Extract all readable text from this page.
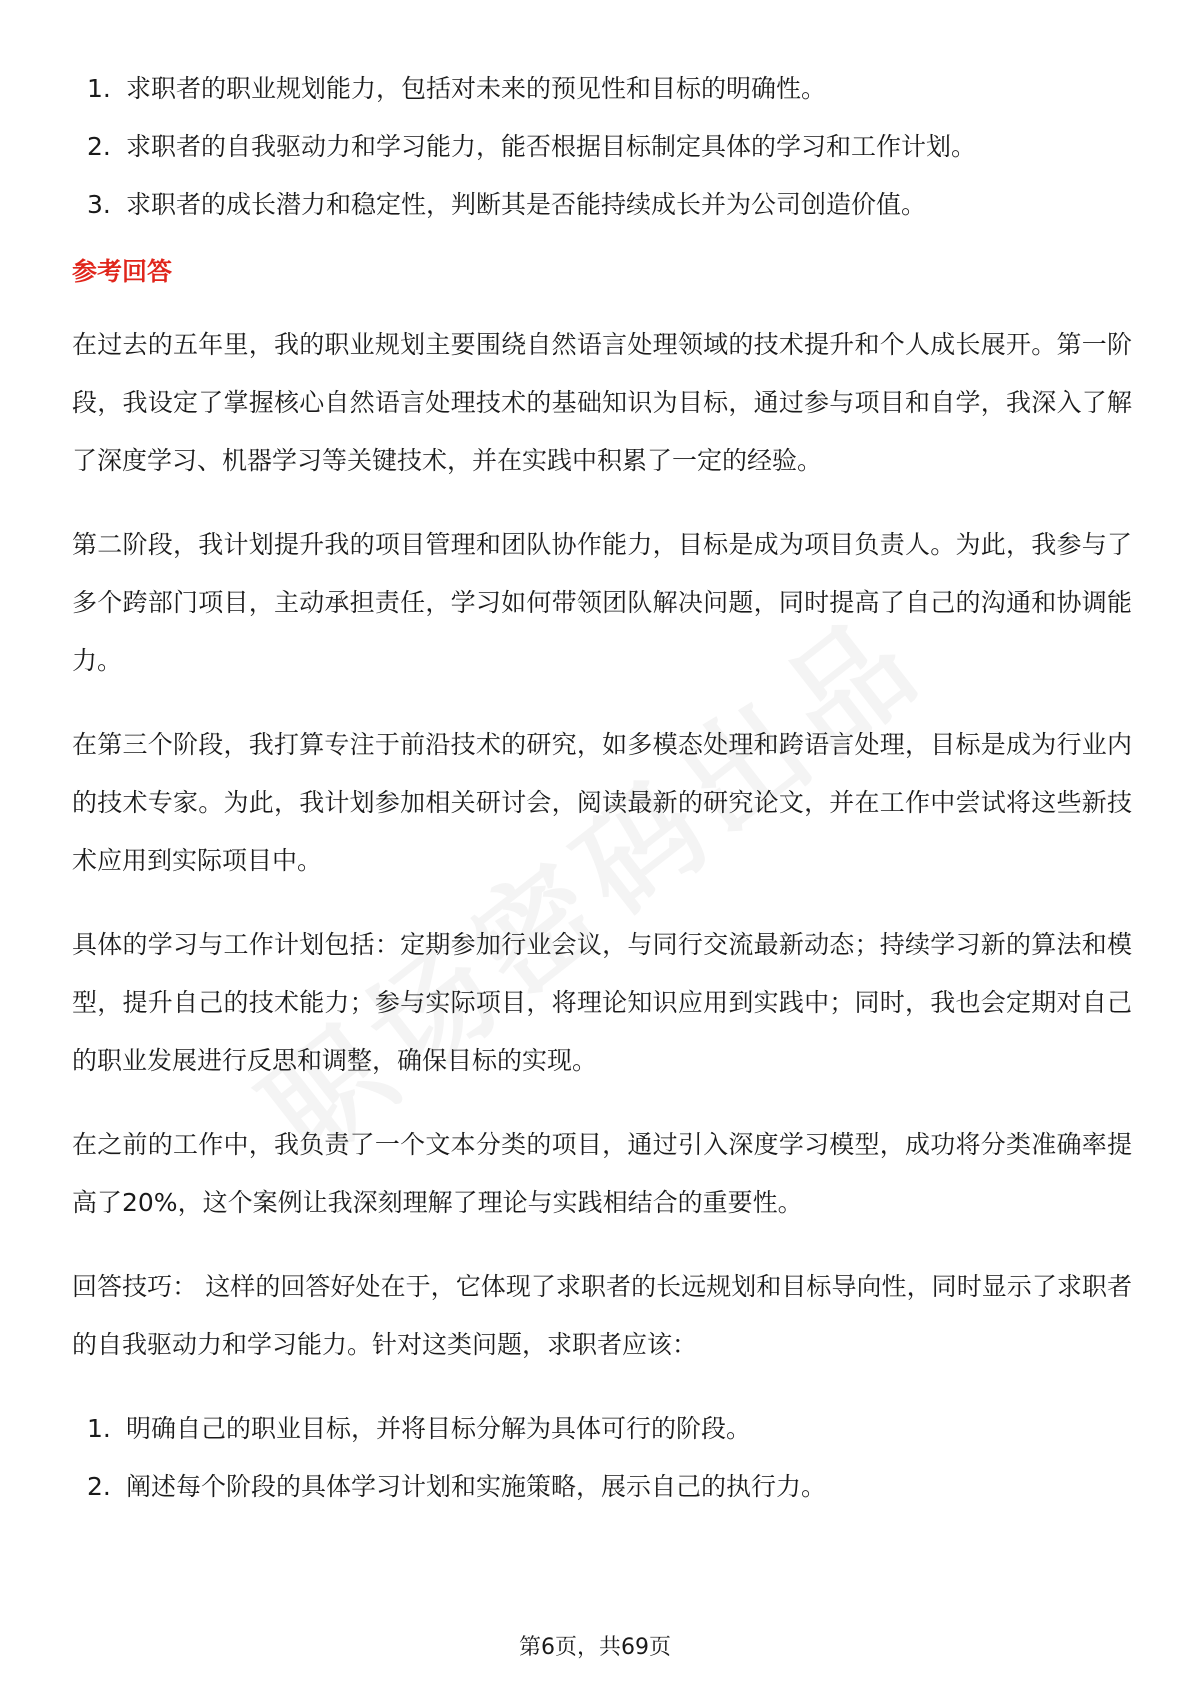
1. 求职者的职业规划能力，包括对未来的预见性和目标的明确性。
2. 求职者的自我驱动力和学习能力，能否根据目标制定具体的学习和工作计划。
3. 求职者的成长潜力和稳定性，判断其是否能持续成长并为公司创造价值。
参考回答

在过去的五年里，我的职业规划主要围绕自然语言处理领域的技术提升和个人成长展开。第一阶段，我设定了掌握核心自然语言处理技术的基础知识为目标，通过参与项目和自学，我深入了解了深度学习、机器学习等关键技术，并在实践中积累了一定的经验。

第二阶段，我计划提升我的项目管理和团队协作能力，目标是成为项目负责人。为此，我参与了多个跨部门项目，主动承担责任，学习如何带领团队解决问题，同时提高了自己的沟通和协调能力。

在第三个阶段，我打算专注于前沿技术的研究，如多模态处理和跨语言处理，目标是成为行业内的技术专家。为此，我计划参加相关研讨会，阅读最新的研究论文，并在工作中尝试将这些新技术应用到实际项目中。

具体的学习与工作计划包括：定期参加行业会议，与同行交流最新动态；持续学习新的算法和模型，提升自己的技术能力；参与实际项目，将理论知识应用到实践中；同时，我也会定期对自己的职业发展进行反思和调整，确保目标的实现。

在之前的工作中，我负责了一个文本分类的项目，通过引入深度学习模型，成功将分类准确率提高了20%，这个案例让我深刻理解了理论与实践相结合的重要性。

回答技巧： 这样的回答好处在于，它体现了求职者的长远规划和目标导向性，同时显示了求职者的自我驱动力和学习能力。针对这类问题，求职者应该：

1. 明确自己的职业目标，并将目标分解为具体可行的阶段。
2. 阐述每个阶段的具体学习计划和实施策略，展示自己的执行力。
第6页，共69页
